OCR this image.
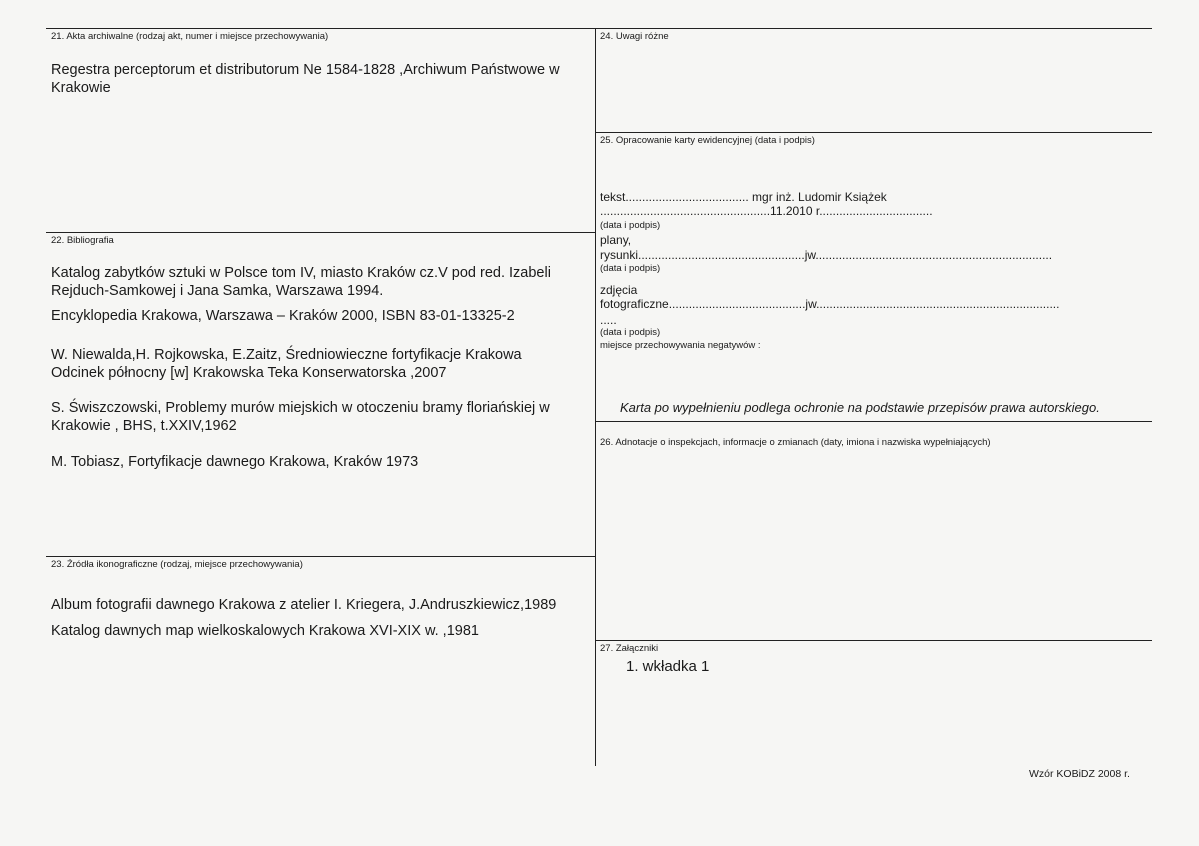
21. Akta archiwalne (rodzaj akt, numer i miejsce przechowywania)
Regestra perceptorum et distributorum Ne 1584-1828 ,Archiwum Państwowe w
Krakowie
22. Bibliografia
Katalog zabytków sztuki w Polsce tom IV, miasto Kraków cz.V pod red. Izabeli
Rejduch-Samkowej i Jana Samka, Warszawa 1994.
Encyklopedia Krakowa, Warszawa – Kraków 2000, ISBN 83-01-13325-2
W. Niewalda,H. Rojkowska, E.Zaitz, Średniowieczne fortyfikacje Krakowa
Odcinek północny [w] Krakowska Teka Konserwatorska ,2007
S. Świszczowski, Problemy murów miejskich w otoczeniu bramy floriańskiej w
Krakowie , BHS, t.XXIV,1962
M. Tobiasz, Fortyfikacje dawnego Krakowa, Kraków 1973
23. Źródła ikonograficzne (rodzaj, miejsce przechowywania)
Album fotografii dawnego Krakowa z atelier I. Kriegera, J.Andruszkiewicz,1989
Katalog dawnych map wielkoskalowych Krakowa XVI-XIX w. ,1981
24. Uwagi różne
25. Opracowanie karty ewidencyjnej (data i podpis)
tekst..................................... mgr inż. Ludomir Książek
...................................................11.2010 r..................................
(data i podpis)
plany,
rysunki..................................................jw.......................................................................
(data i podpis)
zdjęcia
fotograficzne.........................................jw.........................................................................
.....
(data i podpis)
miejsce przechowywania negatywów :
Karta po wypełnieniu podlega ochronie na podstawie przepisów prawa autorskiego.
26. Adnotacje o inspekcjach, informacje o zmianach (daty, imiona i nazwiska wypełniających)
27. Załączniki
1. wkładka 1
Wzór KOBiDZ 2008 r.
